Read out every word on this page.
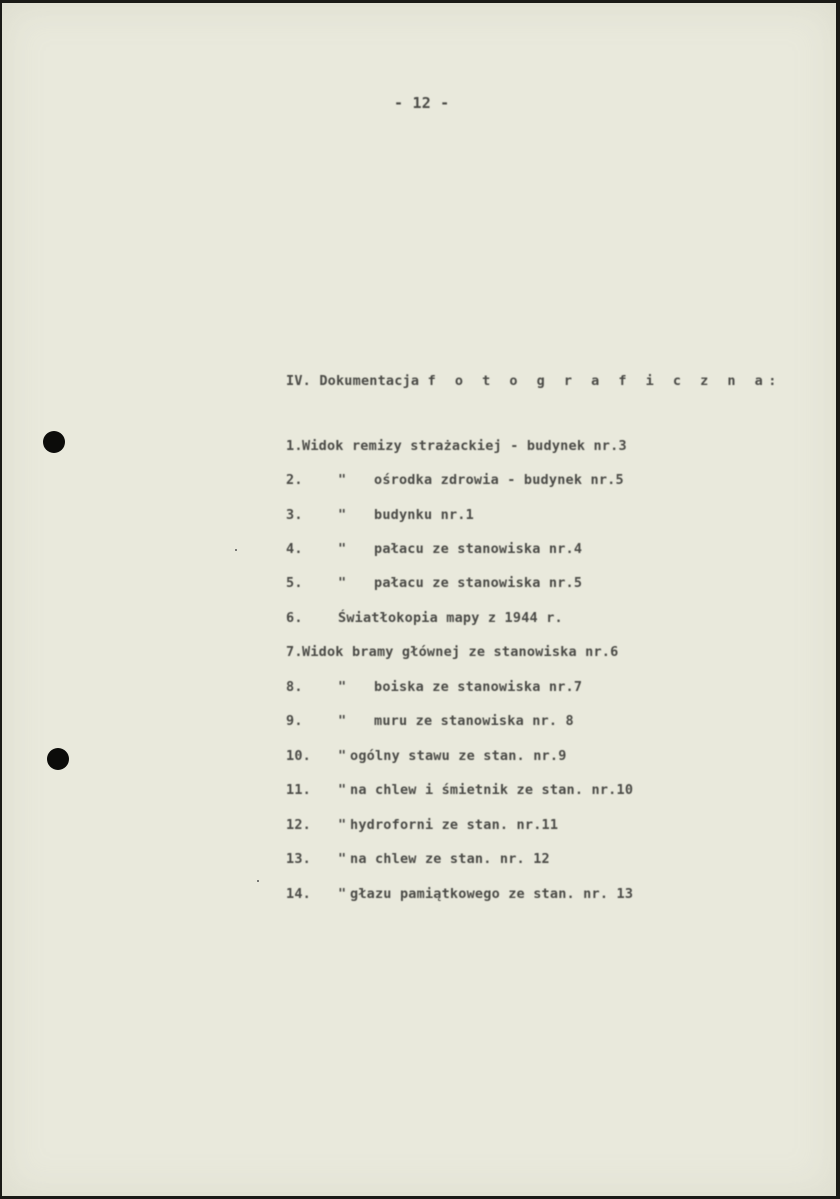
- 12 -
IV. Dokumentacja f o t o g r a f i c z n a:
1. Widok remizy strażackiej - budynek nr.3
2.	" ośrodka zdrowia - budynek nr.5
3.	" budynku nr.1
4.	" pałacu ze stanowiska nr.4
5.	" pałacu ze stanowiska nr.5
6.	Światłokopia mapy z 1944 r.
7. Widok bramy głównej ze stanowiska nr.6
8.	" boiska ze stanowiska nr.7
9.	" muru ze stanowiska nr. 8
10.	" ogólny stawu ze stan. nr.9
11.	" na chlew i śmietnik ze stan. nr.10
12.	" hydroforni ze stan. nr.11
13.	" na chlew ze stan. nr. 12
14.	" głazu pamiątkowego ze stan. nr. 13
